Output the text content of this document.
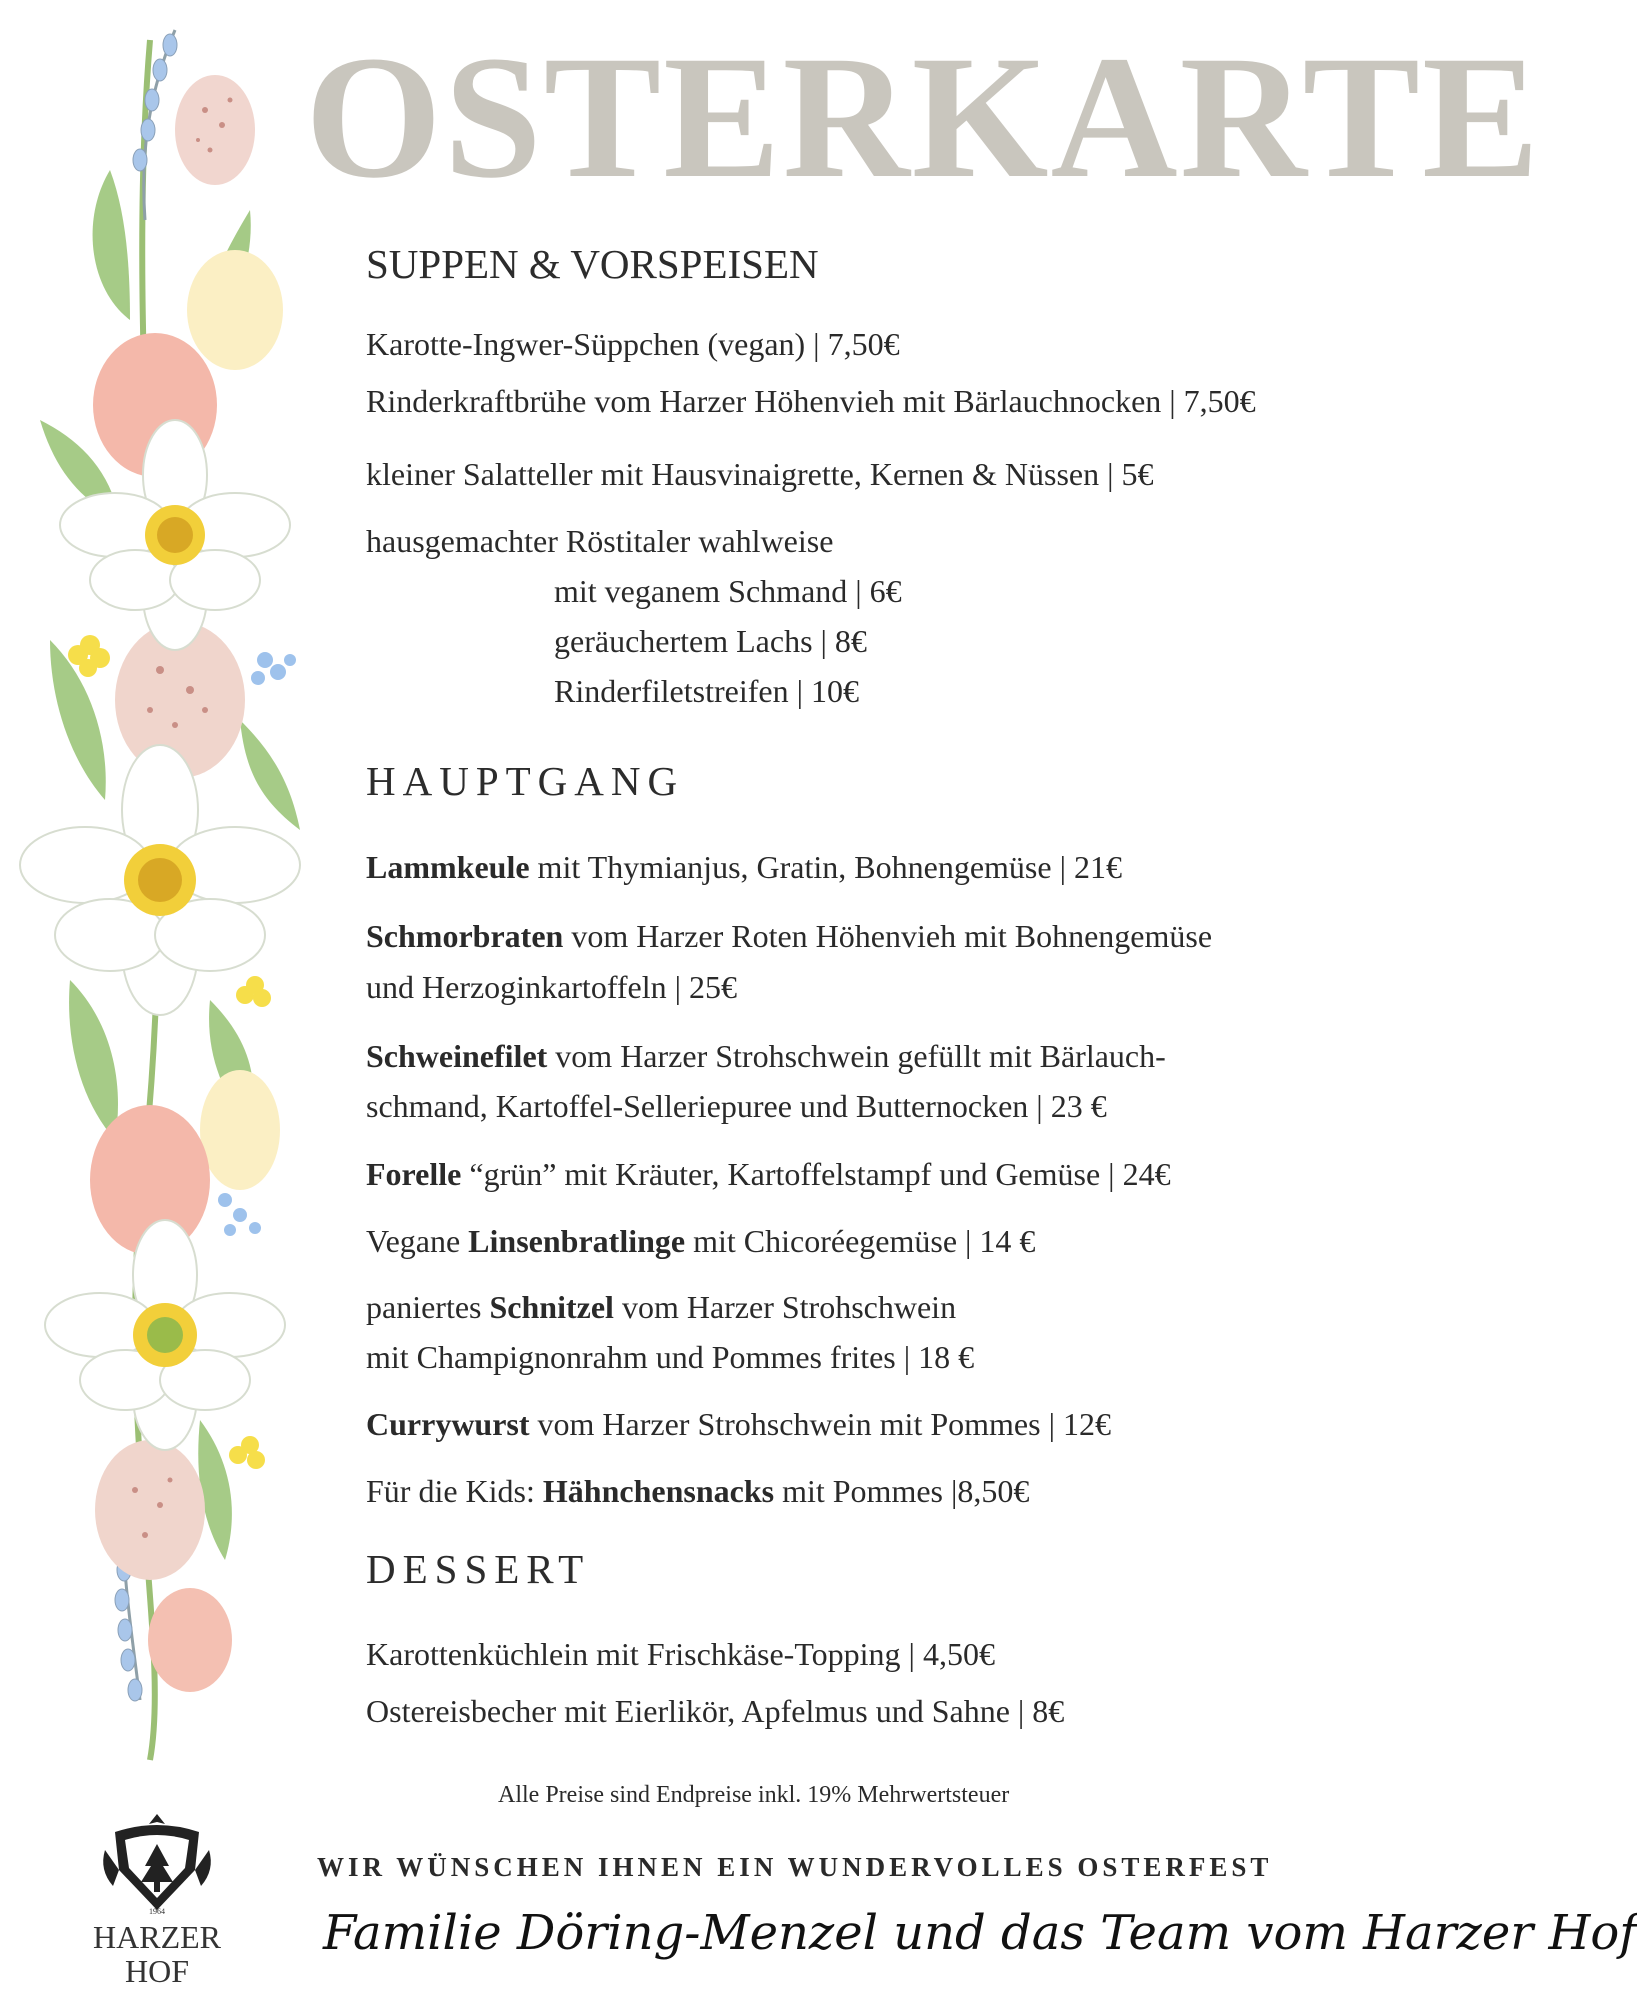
OSTERKARTE
SUPPEN & VORSPEISEN
Karotte-Ingwer-Süppchen (vegan) | 7,50€
Rinderkraftbrühe vom Harzer Höhenvieh mit Bärlauchnocken | 7,50€
kleiner Salatteller mit Hausvinaigrette, Kernen & Nüssen | 5€
hausgemachter Röstitaler wahlweise
mit veganem Schmand | 6€
geräuchertem Lachs | 8€
Rinderfiletstreifen | 10€
HAUPTGANG
Lammkeule mit Thymianjus, Gratin, Bohnengemüse | 21€
Schmorbraten vom Harzer Roten Höhenvieh mit Bohnengemüse
und Herzoginkartoffeln | 25€
Schweinefilet vom Harzer Strohschwein gefüllt mit Bärlauch-
schmand, Kartoffel-Selleriepuree und Butternocken | 23 €
Forelle “grün” mit Kräuter, Kartoffelstampf und Gemüse | 24€
Vegane Linsenbratlinge mit Chicoréegemüse | 14 €
paniertes Schnitzel vom Harzer Strohschwein
mit Champignonrahm und Pommes frites | 18 €
Currywurst vom Harzer Strohschwein mit Pommes | 12€
Für die Kids: Hähnchensnacks mit Pommes |8,50€
DESSERT
Karottenküchlein mit Frischkäse-Topping | 4,50€
Ostereisbecher mit Eierlikör, Apfelmus und Sahne | 8€
Alle Preise sind Endpreise inkl. 19% Mehrwertsteuer
WIR WÜNSCHEN IHNEN EIN WUNDERVOLLES OSTERFEST
Familie Döring-Menzel und das Team vom Harzer Hof
1964
HARZER
HOF
